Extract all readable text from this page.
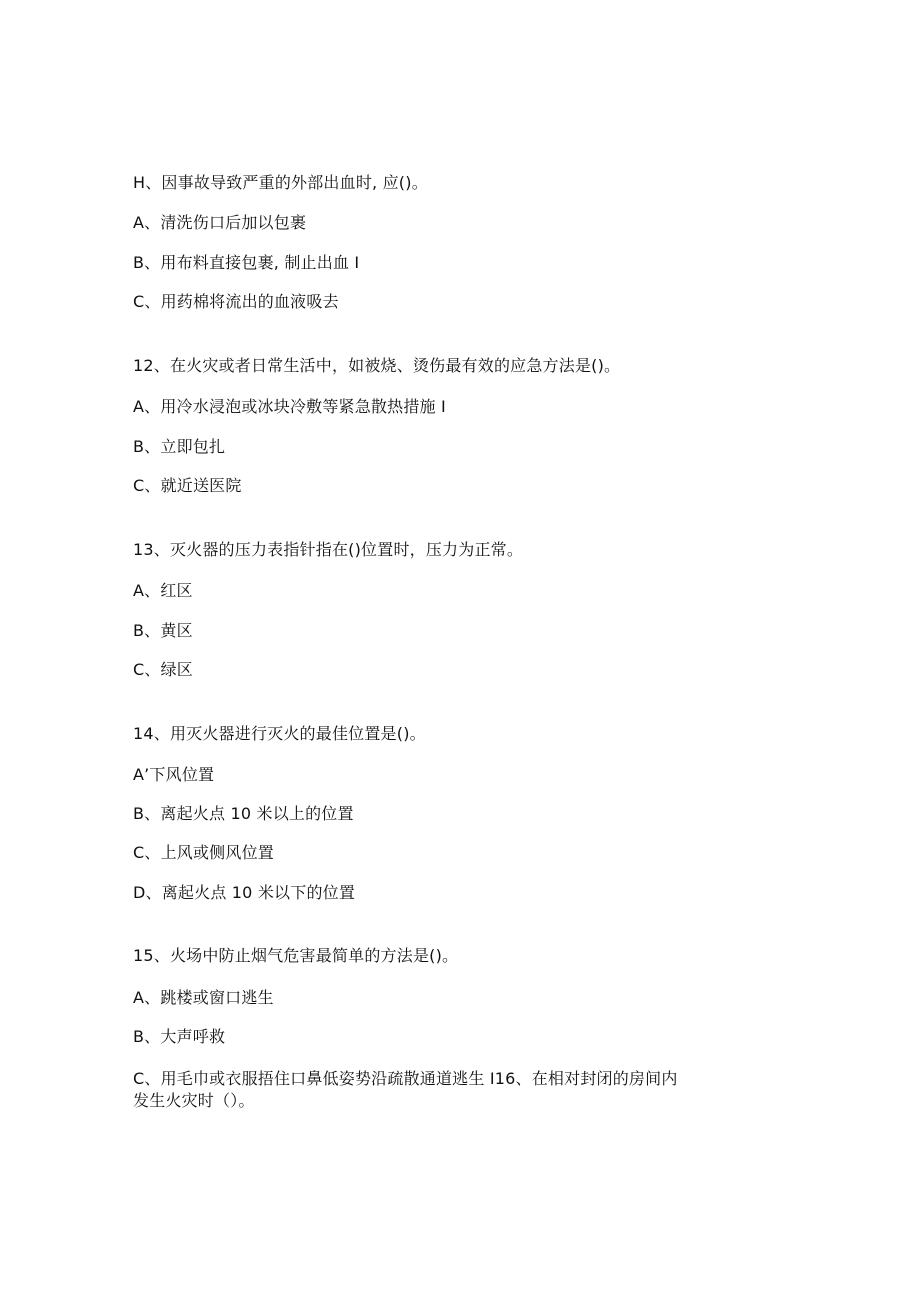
H、因事故导致严重的外部出血时, 应()。
A、清洗伤口后加以包裹
B、用布料直接包裹, 制止出血 I
C、用药棉将流出的血液吸去
12、在火灾或者日常生活中，如被烧、烫伤最有效的应急方法是()。
A、用冷水浸泡或冰块冷敷等紧急散热措施 I
B、立即包扎
C、就近送医院
13、灭火器的压力表指针指在()位置时，压力为正常。
A、红区
B、黄区
C、绿区
14、用灭火器进行灭火的最佳位置是()。
A’下风位置
B、离起火点 10 米以上的位置
C、上风或侧风位置
D、离起火点 10 米以下的位置
15、火场中防止烟气危害最简单的方法是()。
A、跳楼或窗口逃生
B、大声呼救
C、用毛巾或衣服捂住口鼻低姿势沿疏散通道逃生 I16、在相对封闭的房间内发生火灾时（）。
